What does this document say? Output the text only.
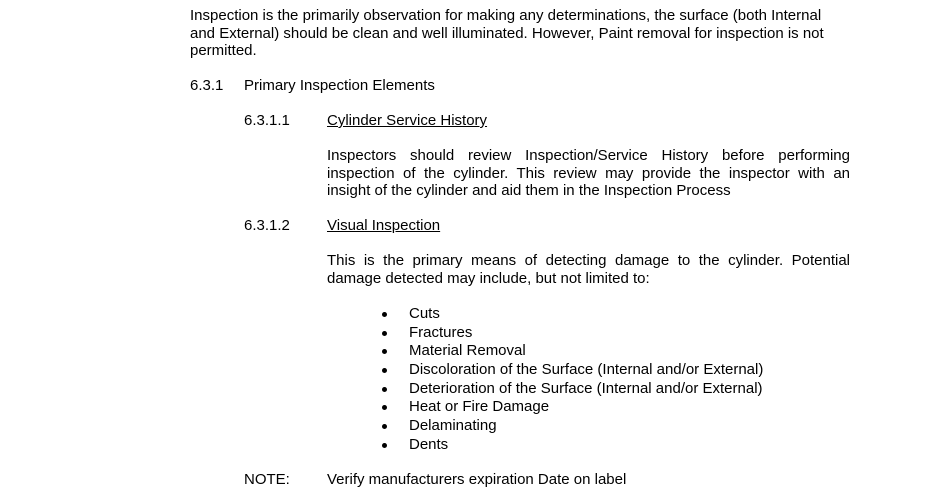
Inspection is the primarily observation for making any determinations, the surface (both Internal and External) should be clean and well illuminated. However, Paint removal for inspection is not permitted.

6.3.1 Primary Inspection Elements
6.3.1.1 Cylinder Service History

Inspectors should review Inspection/Service History before performing inspection of the cylinder. This review may provide the inspector with an insight of the cylinder and aid them in the Inspection Process

6.3.1.2 Visual Inspection

This is the primary means of detecting damage to the cylinder. Potential damage detected may include, but not limited to:

Cuts
Fractures
Material Removal
Discoloration of the Surface (Internal and/or External)
Deterioration of the Surface (Internal and/or External)
Heat or Fire Damage
Delaminating
Dents
NOTE: Verify manufacturers expiration Date on label
